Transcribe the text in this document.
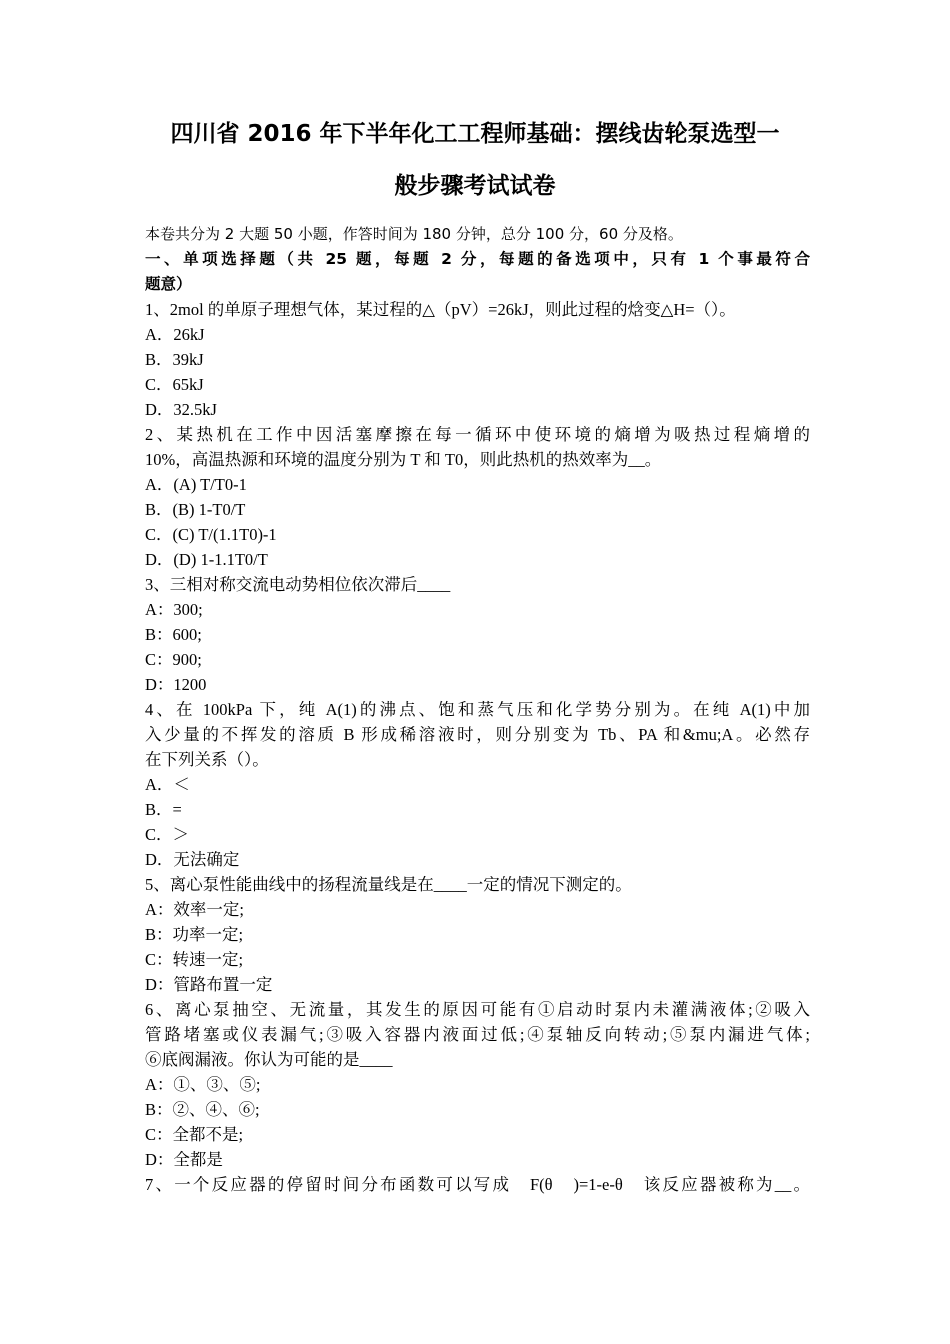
四川省 2016 年下半年化工工程师基础：摆线齿轮泵选型一
般步骤考试试卷
本卷共分为 2 大题 50 小题，作答时间为 180 分钟，总分 100 分，60 分及格。
一、单项选择题（共 25 题，每题 2 分，每题的备选项中，只有 1 个事最符合
题意）
1、2mol 的单原子理想气体，某过程的△（pV）=26kJ，则此过程的焓变△H=（）。
A．26kJ
B．39kJ
C．65kJ
D．32.5kJ
2、某热机在工作中因活塞摩擦在每一循环中使环境的熵增为吸热过程熵增的
10%，高温热源和环境的温度分别为 T 和 T0，则此热机的热效率为__。
A．(A) T/T0-1
B．(B) 1-T0/T
C．(C) T/(1.1T0)-1
D．(D) 1-1.1T0/T
3、三相对称交流电动势相位依次滞后____
A：300;
B：600;
C：900;
D：1200
4、在 100kPa 下，纯 A(1)的沸点、饱和蒸气压和化学势分别为。在纯 A(1)中加
入少量的不挥发的溶质 B 形成稀溶液时，则分别变为 Tb、PA 和&mu;A。必然存
在下列关系（）。
A．＜
B．=
C．＞
D．无法确定
5、离心泵性能曲线中的扬程流量线是在____一定的情况下测定的。
A：效率一定;
B：功率一定;
C：转速一定;
D：管路布置一定
6、离心泵抽空、无流量，其发生的原因可能有①启动时泵内未灌满液体;②吸入
管路堵塞或仪表漏气;③吸入容器内液面过低;④泵轴反向转动;⑤泵内漏进气体;
⑥底阀漏液。你认为可能的是____
A：①、③、⑤;
B：②、④、⑥;
C：全都不是;
D：全都是
7、一个反应器的停留时间分布函数可以写成　F(θ　)=1-e-θ　该反应器被称为__。
